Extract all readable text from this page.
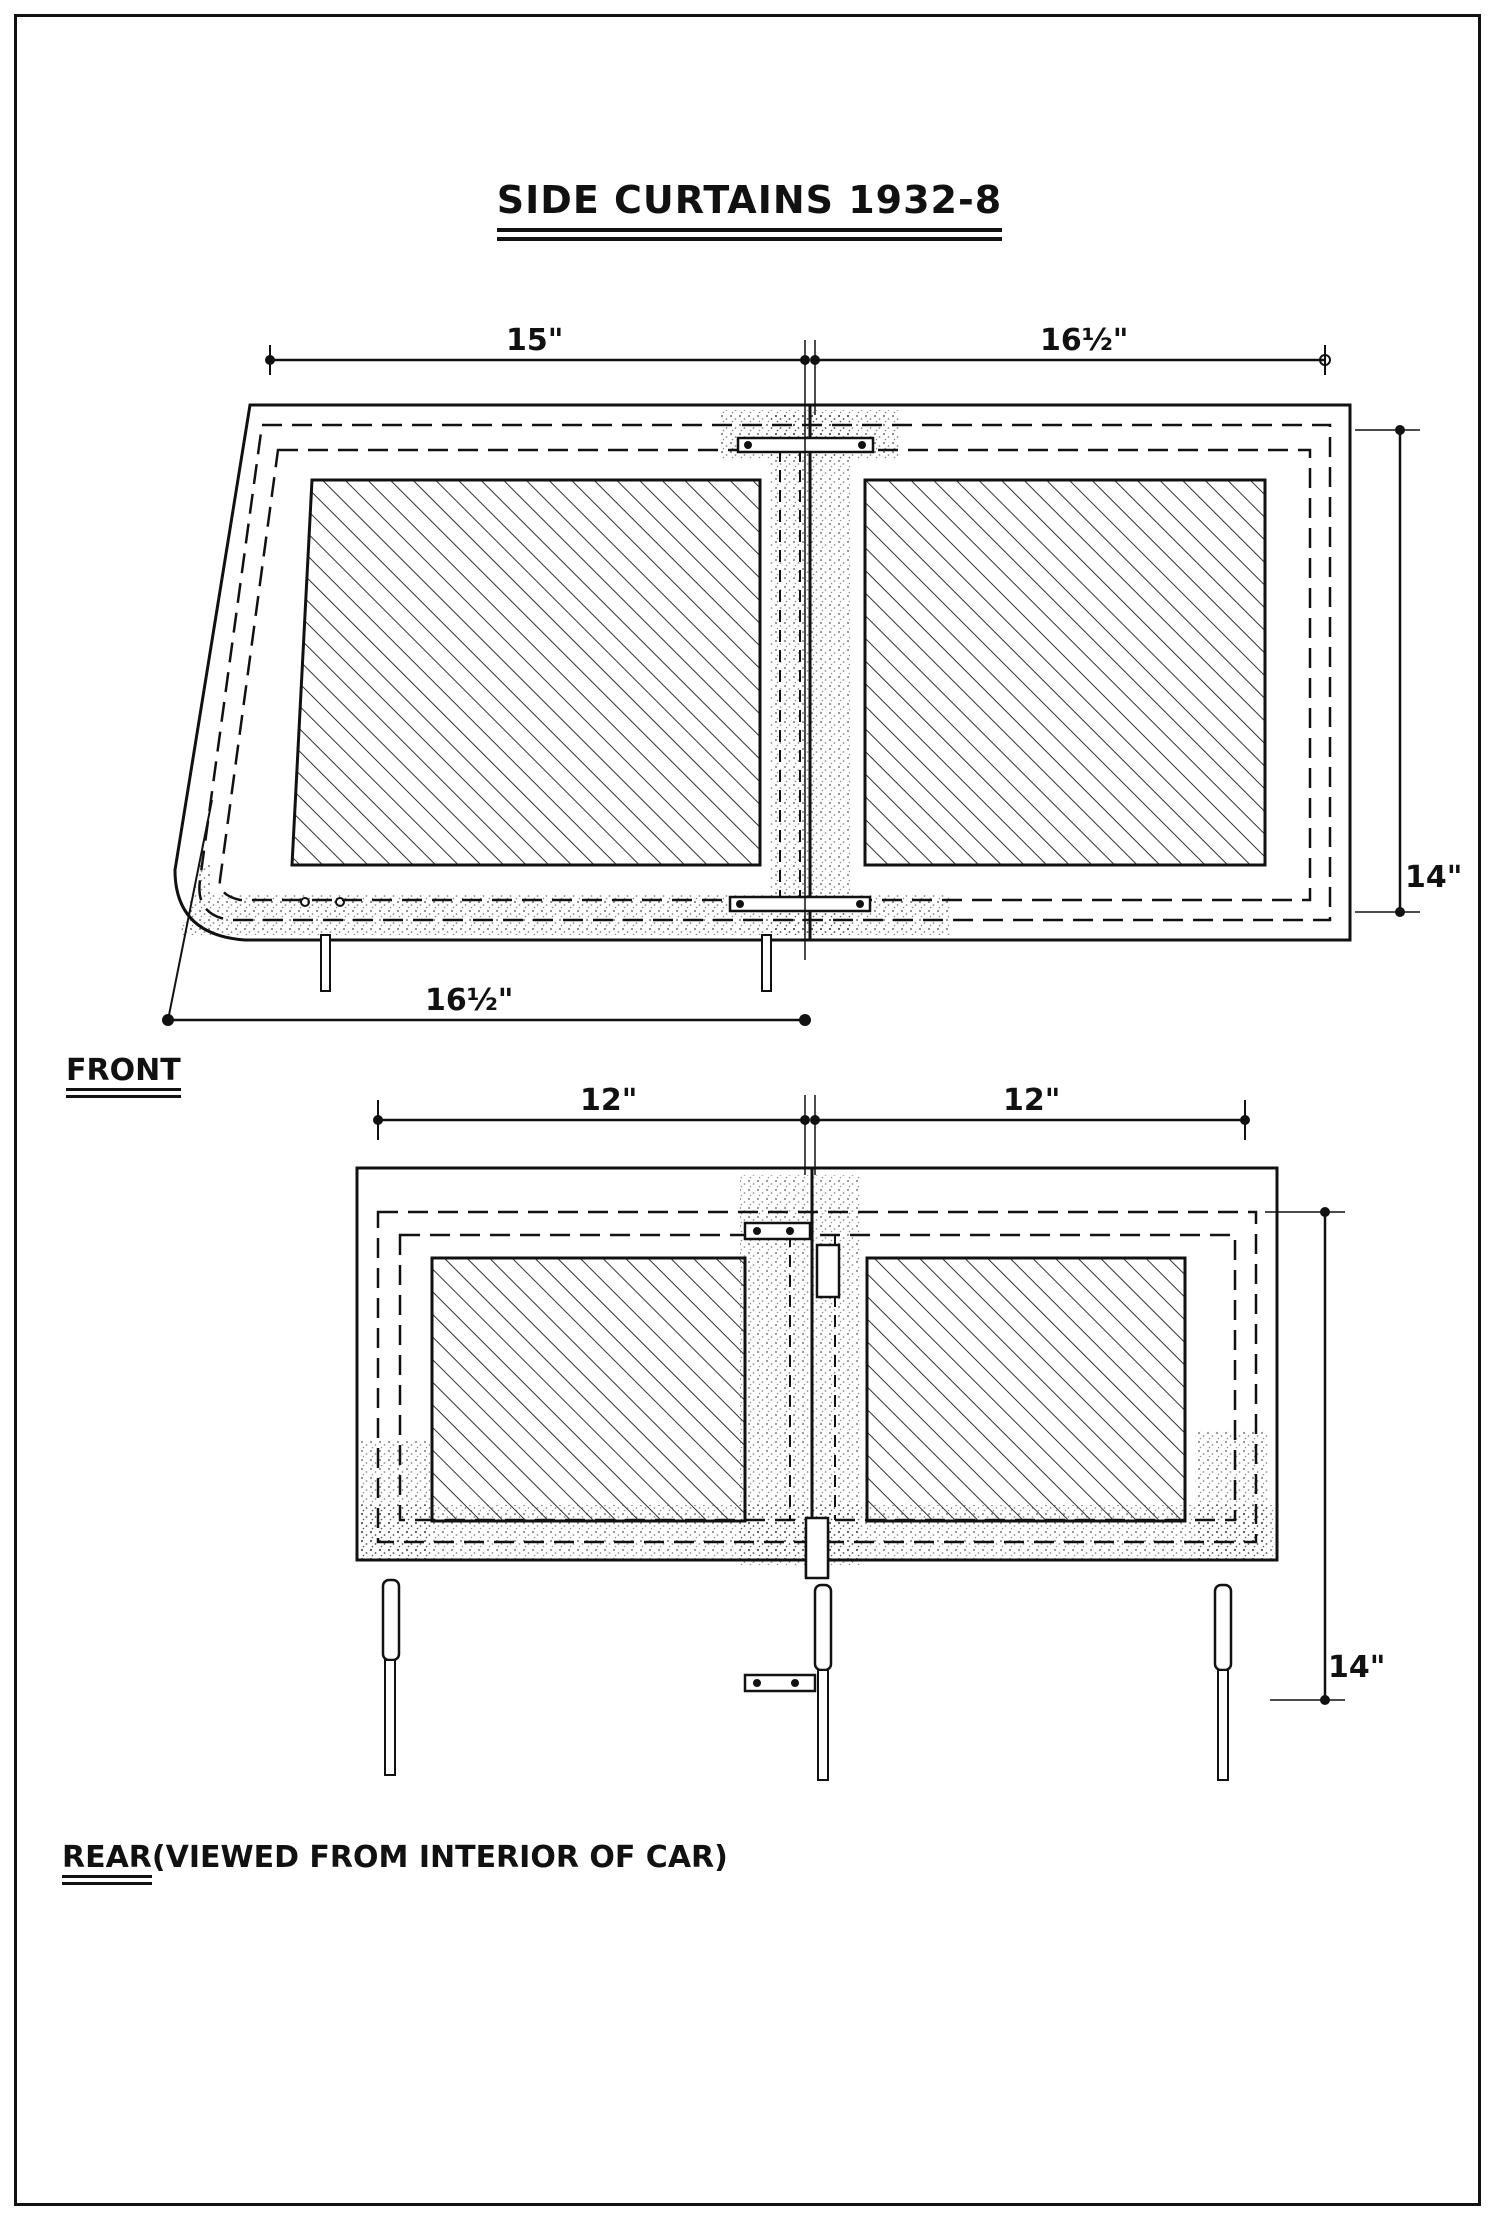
SIDE CURTAINS 1932-8
15"	16½"
16½"
14"
FRONT
12"	12"
14"
REAR(VIEWED FROM INTERIOR OF CAR)
